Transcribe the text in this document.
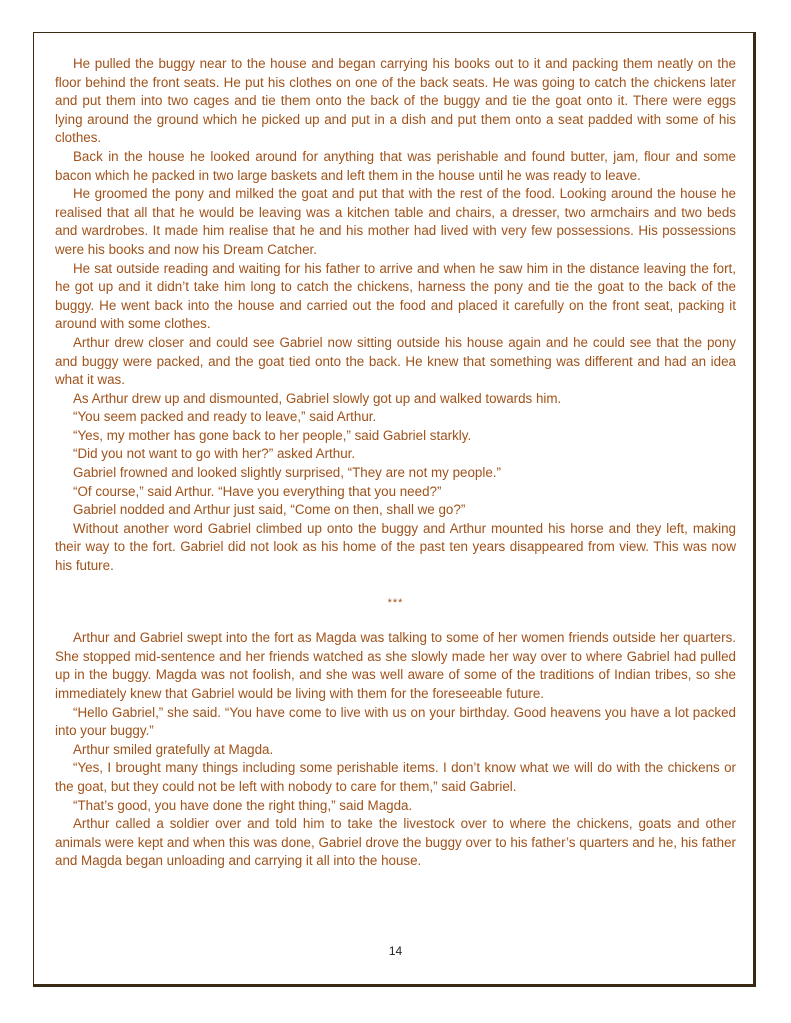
He pulled the buggy near to the house and began carrying his books out to it and packing them neatly on the floor behind the front seats. He put his clothes on one of the back seats. He was going to catch the chickens later and put them into two cages and tie them onto the back of the buggy and tie the goat onto it. There were eggs lying around the ground which he picked up and put in a dish and put them onto a seat padded with some of his clothes.

Back in the house he looked around for anything that was perishable and found butter, jam, flour and some bacon which he packed in two large baskets and left them in the house until he was ready to leave.

He groomed the pony and milked the goat and put that with the rest of the food. Looking around the house he realised that all that he would be leaving was a kitchen table and chairs, a dresser, two armchairs and two beds and wardrobes. It made him realise that he and his mother had lived with very few possessions. His possessions were his books and now his Dream Catcher.

He sat outside reading and waiting for his father to arrive and when he saw him in the distance leaving the fort, he got up and it didn’t take him long to catch the chickens, harness the pony and tie the goat to the back of the buggy. He went back into the house and carried out the food and placed it carefully on the front seat, packing it around with some clothes.

Arthur drew closer and could see Gabriel now sitting outside his house again and he could see that the pony and buggy were packed, and the goat tied onto the back. He knew that something was different and had an idea what it was.

As Arthur drew up and dismounted, Gabriel slowly got up and walked towards him.

“You seem packed and ready to leave,” said Arthur.

“Yes, my mother has gone back to her people,” said Gabriel starkly.

“Did you not want to go with her?” asked Arthur.

Gabriel frowned and looked slightly surprised, “They are not my people.”

“Of course,” said Arthur. “Have you everything that you need?”

Gabriel nodded and Arthur just said, “Come on then, shall we go?”

Without another word Gabriel climbed up onto the buggy and Arthur mounted his horse and they left, making their way to the fort. Gabriel did not look as his home of the past ten years disappeared from view. This was now his future.

***

Arthur and Gabriel swept into the fort as Magda was talking to some of her women friends outside her quarters. She stopped mid-sentence and her friends watched as she slowly made her way over to where Gabriel had pulled up in the buggy. Magda was not foolish, and she was well aware of some of the traditions of Indian tribes, so she immediately knew that Gabriel would be living with them for the foreseeable future.

“Hello Gabriel,” she said. “You have come to live with us on your birthday. Good heavens you have a lot packed into your buggy.”

Arthur smiled gratefully at Magda.

“Yes, I brought many things including some perishable items. I don’t know what we will do with the chickens or the goat, but they could not be left with nobody to care for them,” said Gabriel.

“That’s good, you have done the right thing,” said Magda.

Arthur called a soldier over and told him to take the livestock over to where the chickens, goats and other animals were kept and when this was done, Gabriel drove the buggy over to his father’s quarters and he, his father and Magda began unloading and carrying it all into the house.

14
